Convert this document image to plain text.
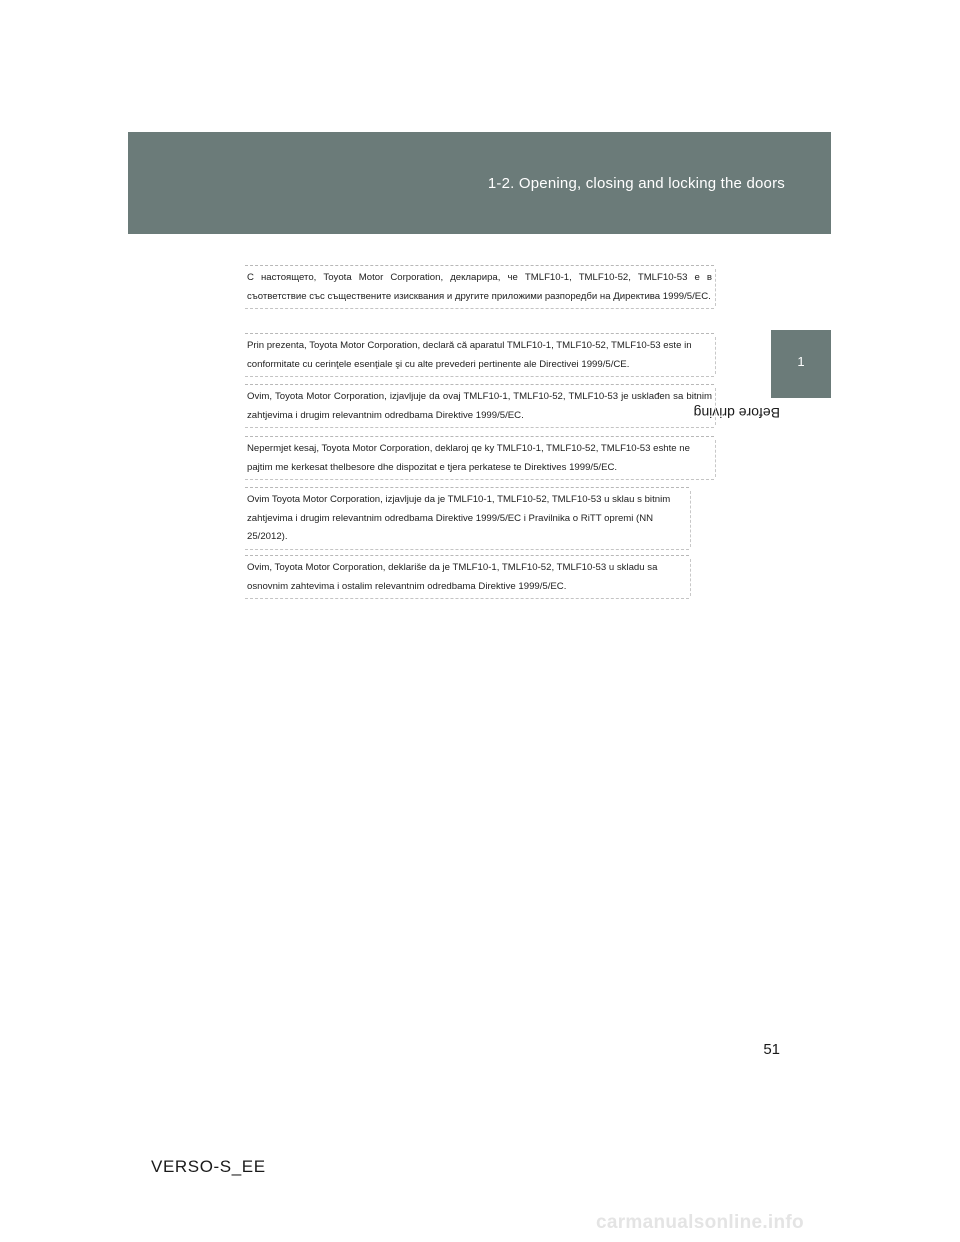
1-2. Opening, closing and locking the doors
1
Before driving
С настоящето, Toyota Motor Corporation, декларира, че TMLF10-1, TMLF10-52, TMLF10-53 е в съответствие със съществените изисквания и другите приложими разпоредби на Директива 1999/5/EC.
Prin prezenta, Toyota Motor Corporation, declară că aparatul TMLF10-1, TMLF10-52, TMLF10-53 este in conformitate cu cerinţele esenţiale şi cu alte prevederi pertinente ale Directivei 1999/5/CE.
Ovim, Toyota Motor Corporation, izjavljuje da ovaj TMLF10-1, TMLF10-52, TMLF10-53 je usklađen sa bitnim zahtjevima i drugim relevantnim odredbama Direktive 1999/5/EC.
Nepermjet kesaj, Toyota Motor Corporation, deklaroj qe ky TMLF10-1, TMLF10-52, TMLF10-53 eshte ne pajtim me kerkesat thelbesore dhe dispozitat e tjera perkatese te Direktives 1999/5/EC.
Ovim Toyota Motor Corporation, izjavljuje da je TMLF10-1, TMLF10-52, TMLF10-53 u sklau s bitnim zahtjevima i drugim relevantnim odredbama Direktive 1999/5/EC i Pravilnika o RiTT opremi (NN 25/2012).
Ovim, Toyota Motor Corporation, deklariše da je TMLF10-1, TMLF10-52, TMLF10-53 u skladu sa osnovnim zahtevima i ostalim relevantnim odredbama Direktive 1999/5/EC.
51
VERSO-S_EE
carmanualsonline.info
